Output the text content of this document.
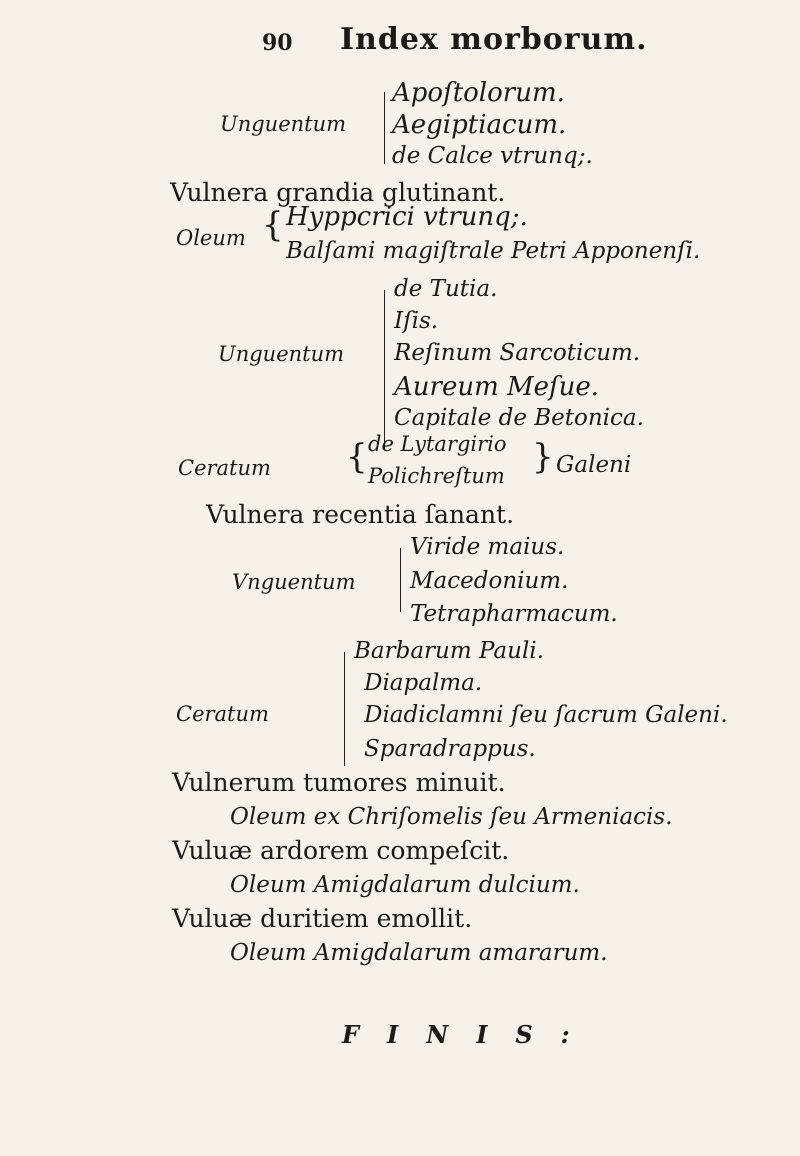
90 Index morborum.
Apoſtolorum.
Unguentum Aegiptiacum.
de Calce vtrunq;.
Vulnera grandia glutinant.
{
Oleum
Hyppcrici vtrunq;.
Balſami magiſtrale Petri Apponenſi.
de Tutia.
Iſis.
Unguentum Reſinum Sarcoticum.
Aureum Meſue.
Capitale de Betonica.
Ceratum { de Lytargirio
Polichreſtum } Galeni
Vulnera recentia ſanant.
Viride maius.
Vnguentum Macedonium.
Tetrapharmacum.
Barbarum Pauli.
Diapalma.
Ceratum	Diadiclamni ſeu ſacrum Galeni.
Sparadrappus.
Vulnerum tumores minuit.
Oleum ex Chriſomelis ſeu Armeniacis.
Vuluæ ardorem compeſcit.
Oleum Amigdalarum dulcium.
Vuluæ duritiem emollit.
Oleum Amigdalarum amararum.
FINIS:
